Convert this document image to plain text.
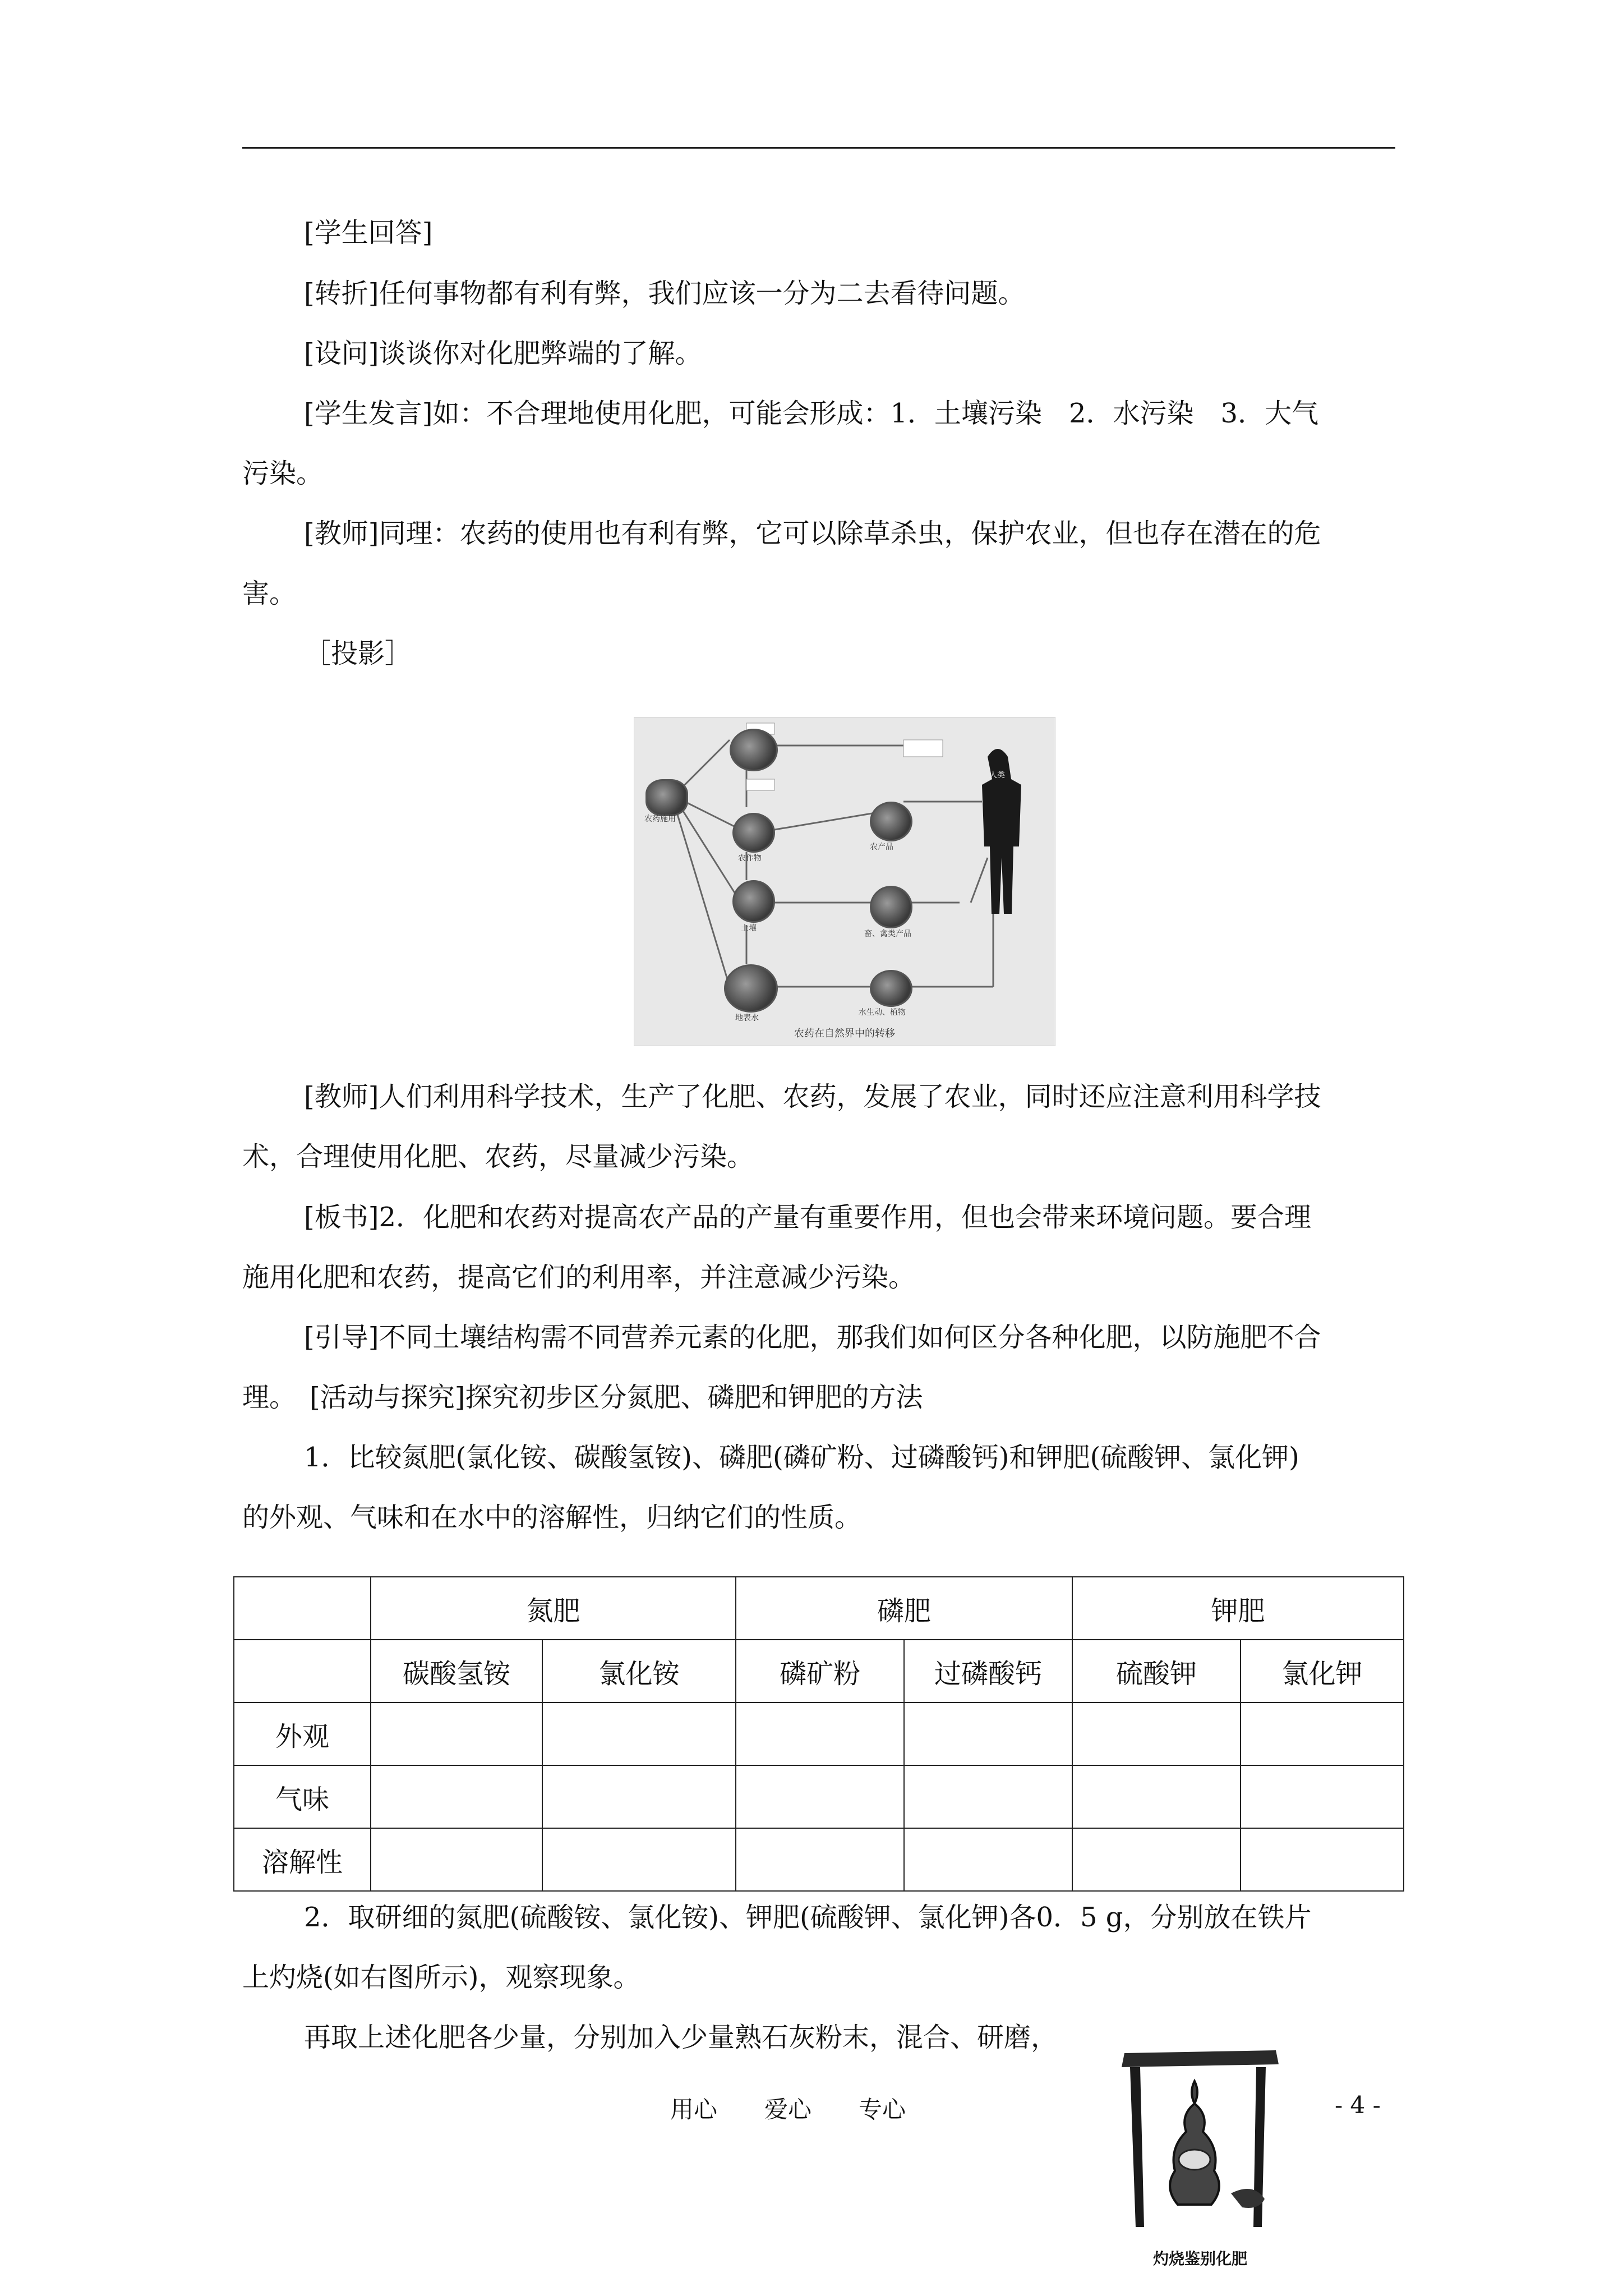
[学生回答]
[转折]任何事物都有利有弊，我们应该一分为二去看待问题。
[设问]谈谈你对化肥弊端的了解。
[学生发言]如：不合理地使用化肥，可能会形成：1．土壤污染　2．水污染　3．大气
污染。
[教师]同理：农药的使用也有利有弊，它可以除草杀虫，保护农业，但也存在潜在的危
害。
［投影］
农药施用
农作物
土壤
农产品
畜、禽类产品
地表水
水生动、植物
人类
农药在自然界中的转移
[教师]人们利用科学技术，生产了化肥、农药，发展了农业，同时还应注意利用科学技
术，合理使用化肥、农药，尽量减少污染。
[板书]2．化肥和农药对提高农产品的产量有重要作用，但也会带来环境问题。要合理
施用化肥和农药，提高它们的利用率，并注意减少污染。
[引导]不同土壤结构需不同营养元素的化肥，那我们如何区分各种化肥，以防施肥不合
理。　[活动与探究]探究初步区分氮肥、磷肥和钾肥的方法
1．比较氮肥(氯化铵、碳酸氢铵)、磷肥(磷矿粉、过磷酸钙)和钾肥(硫酸钾、氯化钾)
的外观、气味和在水中的溶解性，归纳它们的性质。
	氮肥		磷肥		钾肥	
	碳酸氢铵	氯化铵	磷矿粉	过磷酸钙	硫酸钾	氯化钾
外观						
气味						
溶解性						
2．取研细的氮肥(硫酸铵、氯化铵)、钾肥(硫酸钾、氯化钾)各0．5 g，分别放在铁片
上灼烧(如右图所示)，观察现象。
再取上述化肥各少量，分别加入少量熟石灰粉末，混合、研磨，
灼烧鉴别化肥
用心　　爱心　　专心	- 4 -
